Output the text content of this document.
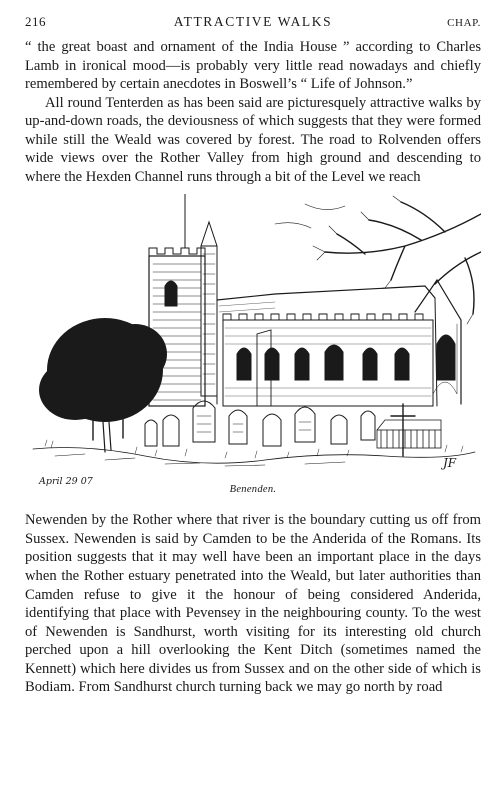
216	ATTRACTIVE WALKS	CHAP.

“ the great boast and ornament of the India House ” according to Charles Lamb in ironical mood—is probably very little read nowadays and chiefly remembered by certain anecdotes in Boswell’s “ Life of Johnson.”

All round Tenterden as has been said are picturesquely attractive walks by up-and-down roads, the deviousness of which suggests that they were formed while still the Weald was covered by forest. The road to Rolvenden offers wide views over the Rother Valley from high ground and descending to where the Hexden Channel runs through a bit of the Level we reach

April 29 07
JF
Benenden.

Newenden by the Rother where that river is the boundary cutting us off from Sussex. Newenden is said by Camden to be the Anderida of the Romans. Its position suggests that it may well have been an important place in the days when the Rother estuary penetrated into the Weald, but later authorities than Camden refuse to give it the honour of being considered Anderida, identifying that place with Pevensey in the neighbouring county. To the west of Newenden is Sandhurst, worth visiting for its interesting old church perched upon a hill overlooking the Kent Ditch (sometimes named the Kennett) which here divides us from Sussex and on the other side of which is Bodiam. From Sandhurst church turning back we may go north by road
